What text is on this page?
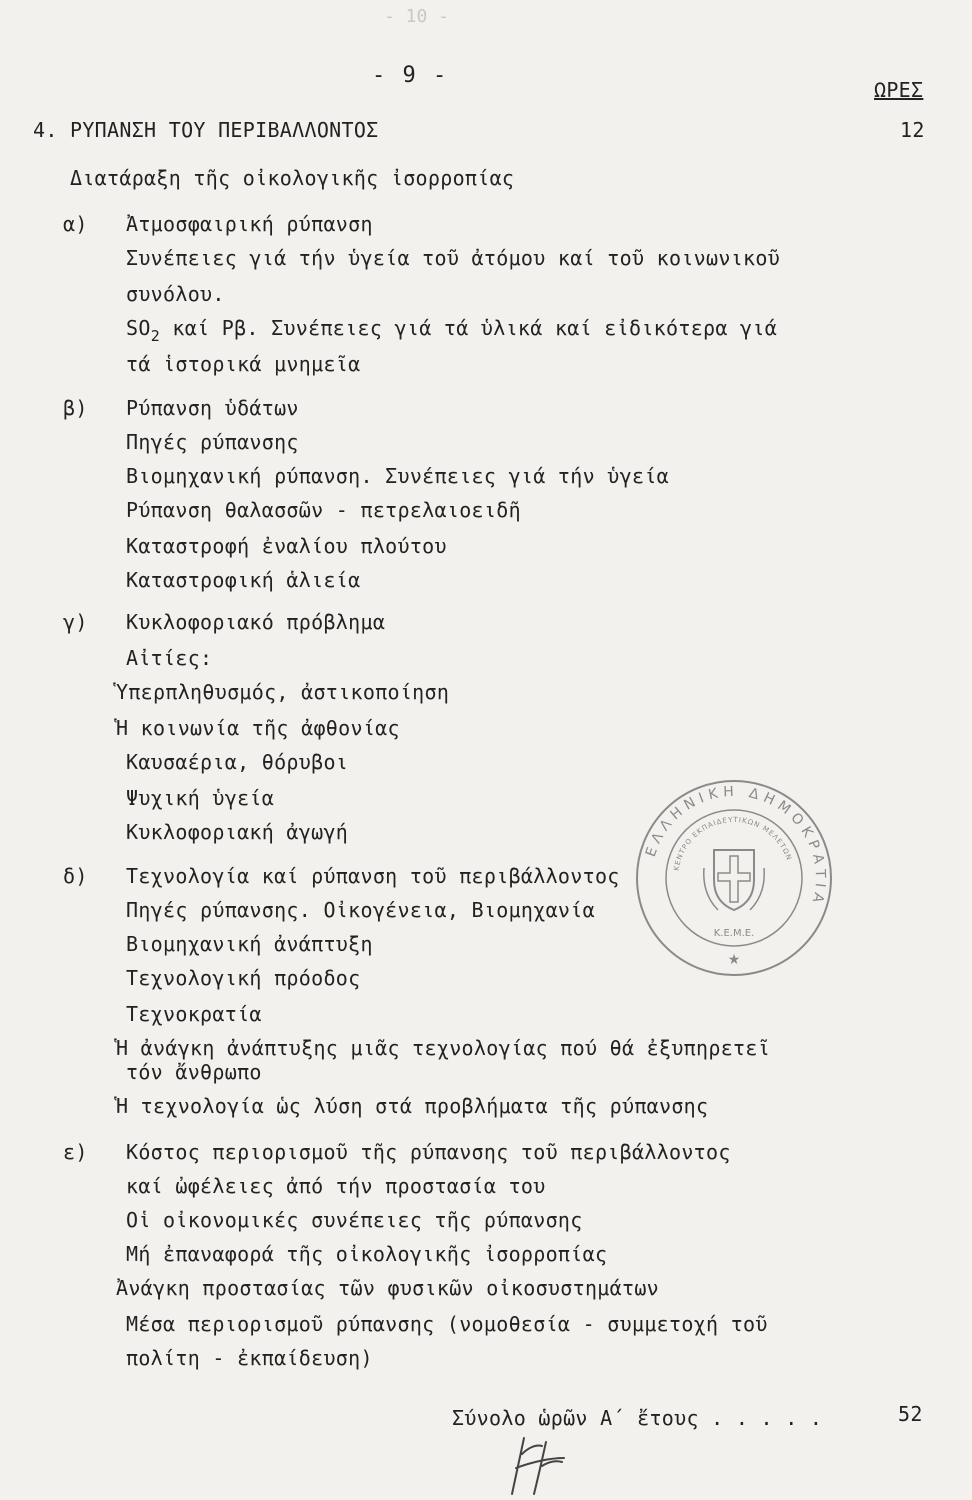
- 10 -
- 9 -
ΩΡΕΣ
4. ΡΥΠΑΝΣΗ ΤΟΥ ΠΕΡΙΒΑΛΛΟΝΤΟΣ	12
Διατάραξη τῆς οἰκολογικῆς ἰσορροπίας
α) Ἀτμοσφαιρική ρύπανση
Συνέπειες γιά τήν ὑγεία τοῦ ἀτόμου καί τοῦ κοινωνικοῦ
συνόλου.
$SO_2$ καί Pβ. Συνέπειες γιά τά ὑλικά καί εἰδικότερα γιά
τά ἱστορικά μνημεῖα
β) Ρύπανση ὑδάτων
Πηγές ρύπανσης
Βιομηχανική ρύπανση. Συνέπειες γιά τήν ὑγεία
Ρύπανση θαλασσῶν - πετρελαιοειδῆ
Καταστροφή ἐναλίου πλούτου
Καταστροφική ἁλιεία
γ) Κυκλοφοριακό πρόβλημα
Αἰτίες:
Ὑπερπληθυσμός, ἀστικοποίηση
Ἡ κοινωνία τῆς ἀφθονίας
Καυσαέρια, θόρυβοι
Ψυχική ὑγεία
Κυκλοφοριακή ἀγωγή
δ) Τεχνολογία καί ρύπανση τοῦ περιβάλλοντος
Πηγές ρύπανσης. Οἰκογένεια, Βιομηχανία
Βιομηχανική ἀνάπτυξη
Τεχνολογική πρόοδος
Τεχνοκρατία
Ἡ ἀνάγκη ἀνάπτυξης μιᾶς τεχνολογίας πού θά ἐξυπηρετεῖ
τόν ἄνθρωπο
Ἡ τεχνολογία ὡς λύση στά προβλήματα τῆς ρύπανσης
ε) Κόστος περιορισμοῦ τῆς ρύπανσης τοῦ περιβάλλοντος
καί ὠφέλειες ἀπό τήν προστασία του
Οἱ οἰκονομικές συνέπειες τῆς ρύπανσης
Μή ἐπαναφορά τῆς οἰκολογικῆς ἰσορροπίας
Ἀνάγκη προστασίας τῶν φυσικῶν οἰκοσυστημάτων
Μέσα περιορισμοῦ ρύπανσης (νομοθεσία - συμμετοχή τοῦ
πολίτη - ἐκπαίδευση)
Σύνολο ὡρῶν Α΄ ἔτους . . . . .	52
ΕΛΛΗΝΙΚΗ ΔΗΜΟΚΡΑΤΙΑ
ΚΕΝΤΡΟ ΕΚΠΑΙΔΕΥΤΙΚΩΝ ΜΕΛΕΤΩΝ
Κ.Ε.Μ.Ε.
★
